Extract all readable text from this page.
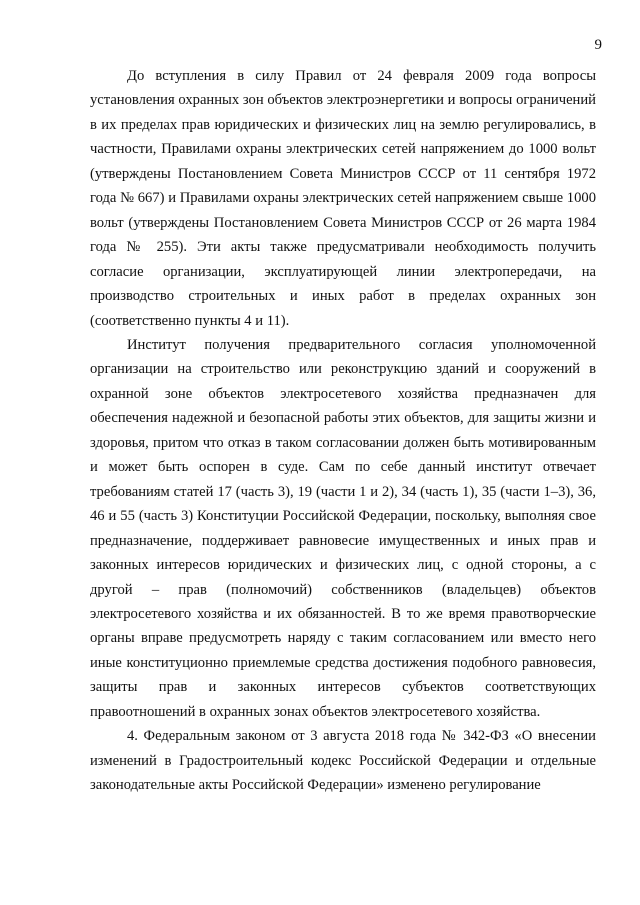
9

До вступления в силу Правил от 24 февраля 2009 года вопросы установления охранных зон объектов электроэнергетики и вопросы ограничений в их пределах прав юридических и физических лиц на землю регулировались, в частности, Правилами охраны электрических сетей напряжением до 1000 вольт (утверждены Постановлением Совета Министров СССР от 11 сентября 1972 года № 667) и Правилами охраны электрических сетей напряжением свыше 1000 вольт (утверждены Постановлением Совета Министров СССР от 26 марта 1984 года № 255). Эти акты также предусматривали необходимость получить согласие организации, эксплуатирующей линии электропередачи, на производство строительных и иных работ в пределах охранных зон (соответственно пункты 4 и 11).

Институт получения предварительного согласия уполномоченной организации на строительство или реконструкцию зданий и сооружений в охранной зоне объектов электросетевого хозяйства предназначен для обеспечения надежной и безопасной работы этих объектов, для защиты жизни и здоровья, притом что отказ в таком согласовании должен быть мотивированным и может быть оспорен в суде. Сам по себе данный институт отвечает требованиям статей 17 (часть 3), 19 (части 1 и 2), 34 (часть 1), 35 (части 1–3), 36, 46 и 55 (часть 3) Конституции Российской Федерации, поскольку, выполняя свое предназначение, поддерживает равновесие имущественных и иных прав и законных интересов юридических и физических лиц, с одной стороны, а с другой – прав (полномочий) собственников (владельцев) объектов электросетевого хозяйства и их обязанностей. В то же время правотворческие органы вправе предусмотреть наряду с таким согласованием или вместо него иные конституционно приемлемые средства достижения подобного равновесия, защиты прав и законных интересов субъектов соответствующих правоотношений в охранных зонах объектов электросетевого хозяйства.

4. Федеральным законом от 3 августа 2018 года № 342-ФЗ «О внесении изменений в Градостроительный кодекс Российской Федерации и отдельные законодательные акты Российской Федерации» изменено регулирование
